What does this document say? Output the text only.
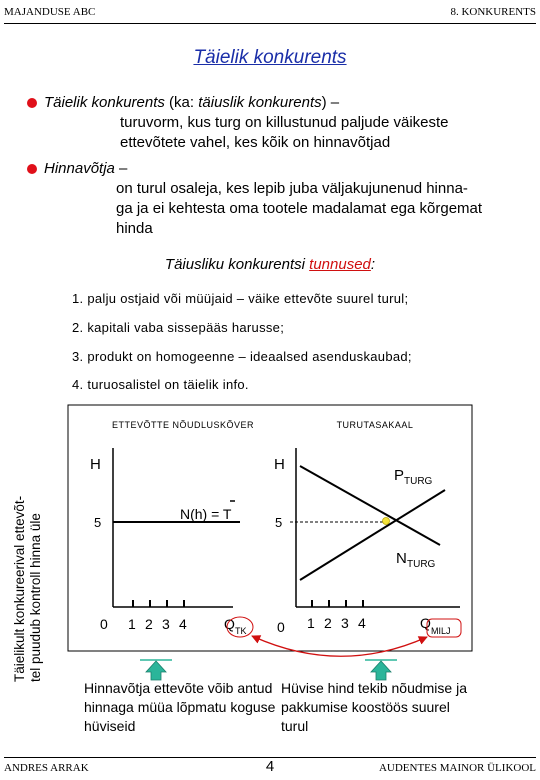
MAJANDUSE ABC	8. KONKURENTS
Täielik konkurents
Täielik konkurents (ka: täiuslik konkurents) –
turuvorm, kus turg on killustunud paljude väikeste
ettevõtete vahel, kes kõik on hinnavõtjad
Hinnavõtja –
on turul osaleja, kes lepib juba väljakujunenud hinna-
ga ja ei kehtesta oma tootele madalamat ega kõrgemat
hinda
Täiusliku konkurentsi tunnused:
1. palju ostjaid või müüjaid – väike ettevõte suurel turul;
2. kapitali vaba sissepääs harusse;
3. produkt on homogeenne – ideaalsed asenduskaubad;
4. turuosalistel on täielik info.
Täielikult konkureerival ettevõt- tel puudub kontroll hinna üle
ETTEVÕTTE NÕUDLUSKÕVER
H
5
N(h) = T
0 1 2 3 4	Q TK
TURUTASAKAAL
H
5
P TURG
N TURG
0 1 2 3 4	Q MILJ
Hinnavõtja ettevõte võib antud
hinnaga müüa lõpmatu koguse
hüviseid
Hüvise hind tekib nõudmise ja
pakkumise koostöös suurel
turul
ANDRES ARRAK	4	AUDENTES MAINOR ÜLIKOOL
